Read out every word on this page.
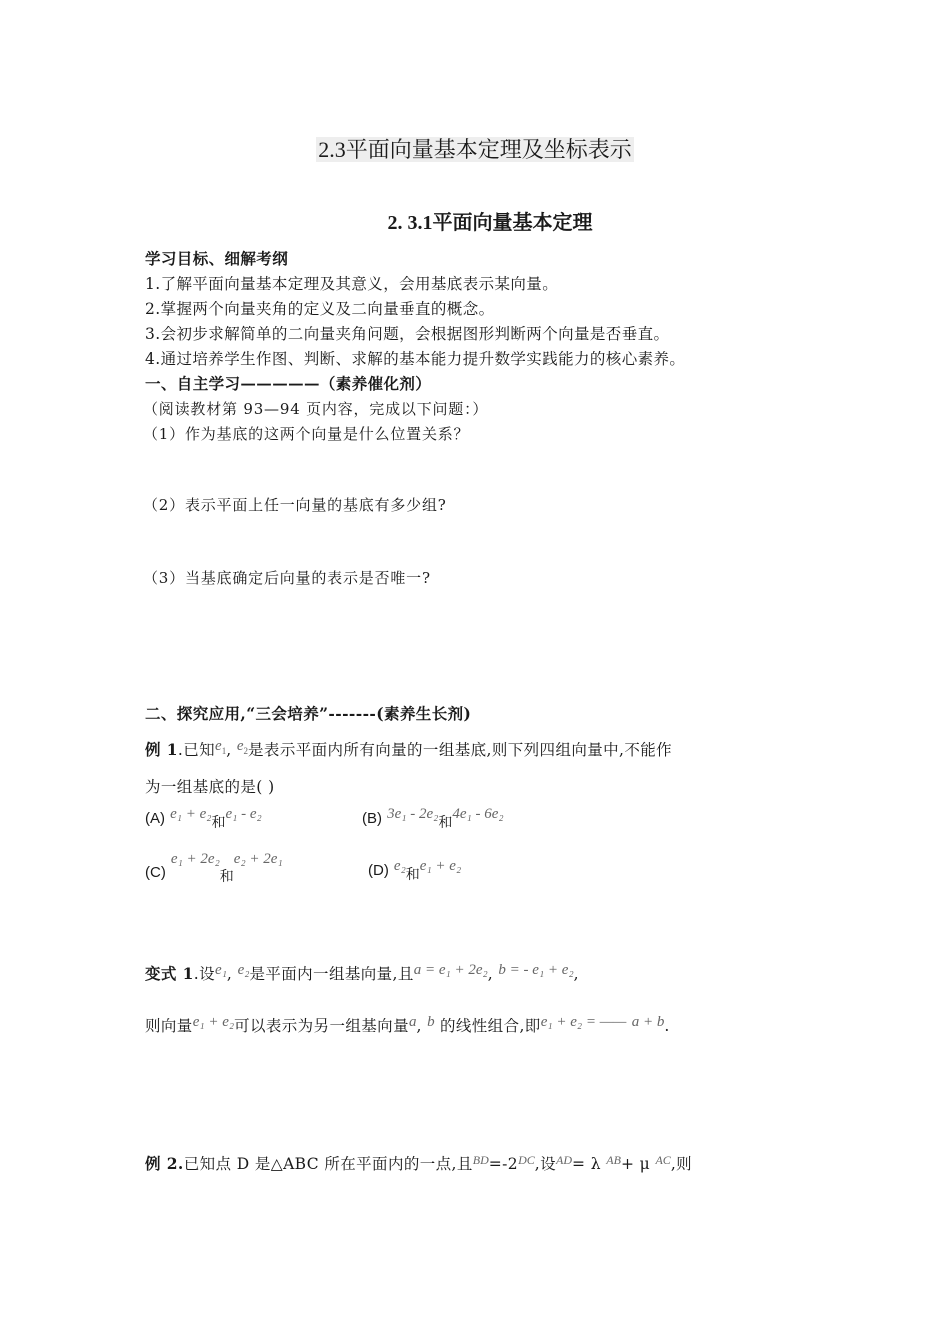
2.3平面向量基本定理及坐标表示
2. 3.1平面向量基本定理
学习目标、细解考纲
1.了解平面向量基本定理及其意义，会用基底表示某向量。
2.掌握两个向量夹角的定义及二向量垂直的概念。
3.会初步求解简单的二向量夹角问题，会根据图形判断两个向量是否垂直。
4.通过培养学生作图、判断、求解的基本能力提升数学实践能力的核心素养。
一、自主学习—————（素养催化剂）
（阅读教材第 93—94 页内容，完成以下问题：）
（1）作为基底的这两个向量是什么位置关系？
（2）表示平面上任一向量的基底有多少组?
（3）当基底确定后向量的表示是否唯一?
二、探究应用,“三会培养”-------(素养生长剂)
例 1.已知$e_1$, $e_2$是表示平面内所有向量的一组基底,则下列四组向量中,不能作
为一组基底的是( )
(A) e₁ + e₂和e₁ - e₂	(B) 3e₁ - 2e₂和4e₁ - 6e₂
(C) e₁ + 2e₂和e₂ + 2e₁
(D) e₂和e₁ + e₂
变式 1.设e₁, e₂是平面内一组基向量,且a = e₁ + 2e₂, b = - e₁ + e₂,
则向量e₁ + e₂可以表示为另一组基向量a, b 的线性组合,即e₁ + e₂ = —— a + b.
例 2.已知点 D 是△ABC 所在平面内的一点,且$^{BD}=-2^{DC}$,设$^{AD}$= λ $^{AB}$+ μ $^{AC}$,则
